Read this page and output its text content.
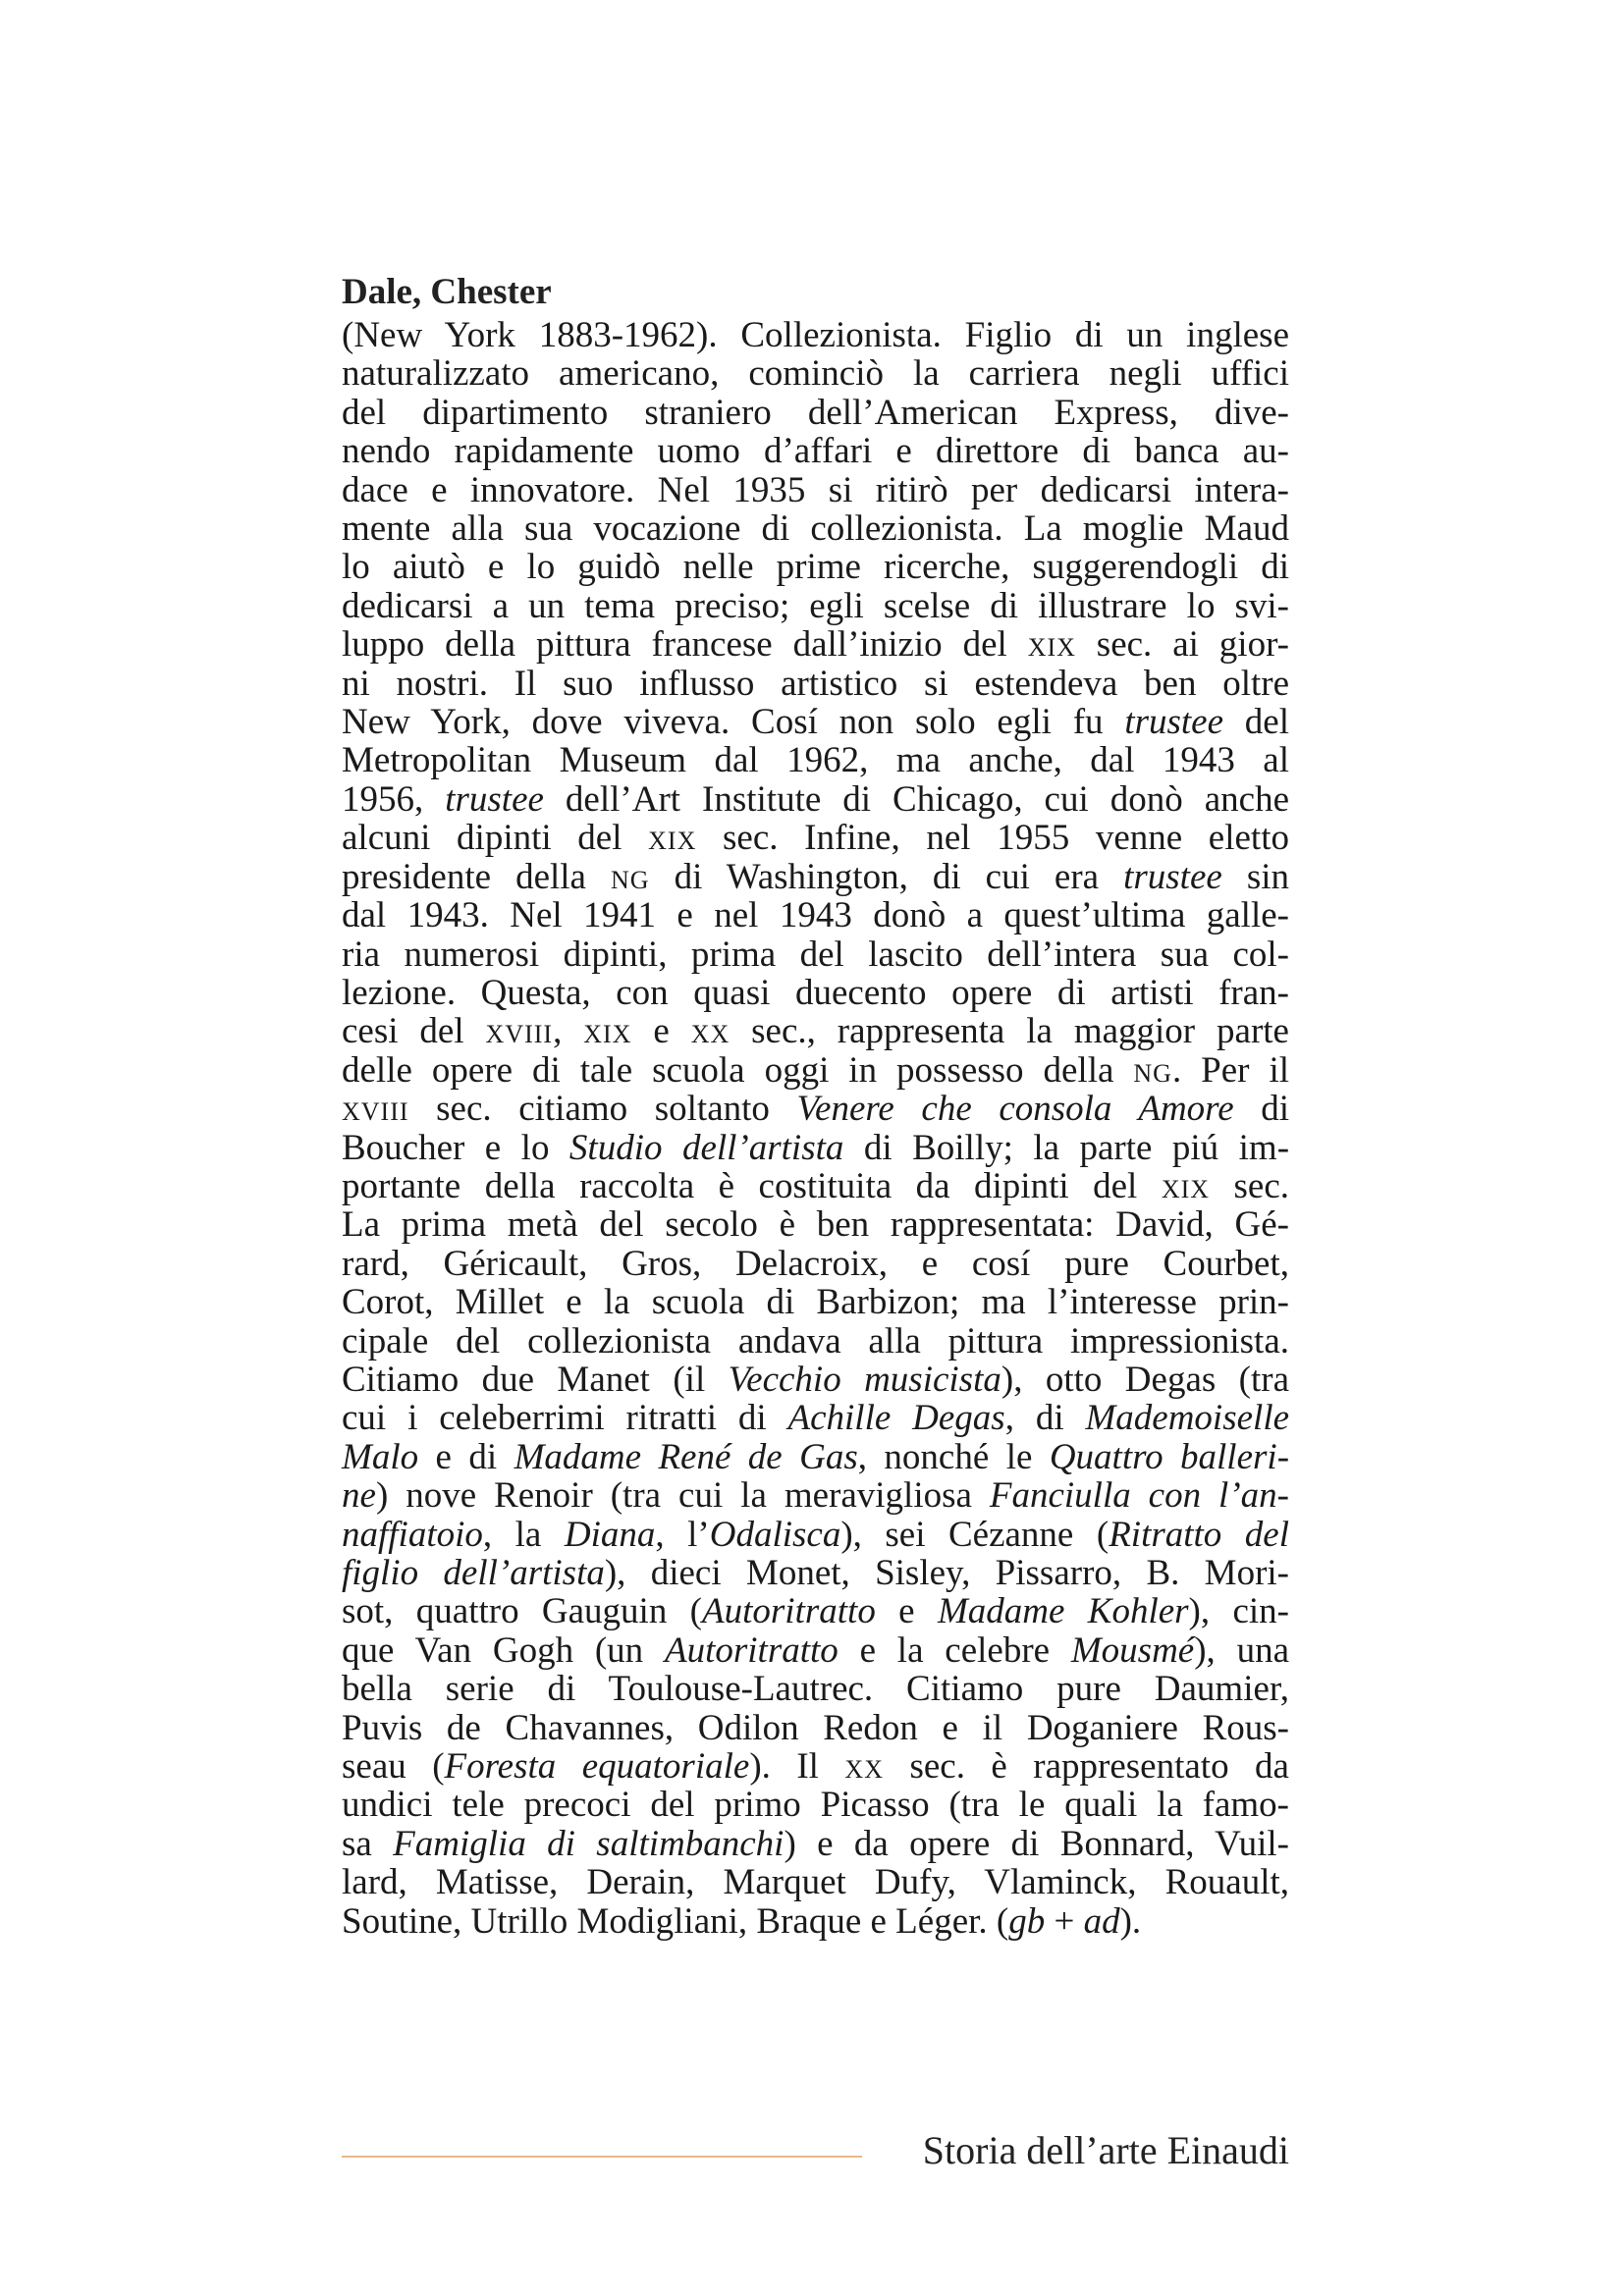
Dale, Chester
(New York 1883-1962). Collezionista. Figlio di un inglese
naturalizzato americano, cominciò la carriera negli uffici
del dipartimento straniero dell’American Express, dive-
nendo rapidamente uomo d’affari e direttore di banca au-
dace e innovatore. Nel 1935 si ritirò per dedicarsi intera-
mente alla sua vocazione di collezionista. La moglie Maud
lo aiutò e lo guidò nelle prime ricerche, suggerendogli di
dedicarsi a un tema preciso; egli scelse di illustrare lo svi-
luppo della pittura francese dall’inizio del xix sec. ai gior-
ni nostri. Il suo influsso artistico si estendeva ben oltre
New York, dove viveva. Cosí non solo egli fu trustee del
Metropolitan Museum dal 1962, ma anche, dal 1943 al
1956, trustee dell’Art Institute di Chicago, cui donò anche
alcuni dipinti del xix sec. Infine, nel 1955 venne eletto
presidente della ng di Washington, di cui era trustee sin
dal 1943. Nel 1941 e nel 1943 donò a quest’ultima galle-
ria numerosi dipinti, prima del lascito dell’intera sua col-
lezione. Questa, con quasi duecento opere di artisti fran-
cesi del xviii, xix e xx sec., rappresenta la maggior parte
delle opere di tale scuola oggi in possesso della ng. Per il
xviii sec. citiamo soltanto Venere che consola Amore di
Boucher e lo Studio dell’artista di Boilly; la parte piú im-
portante della raccolta è costituita da dipinti del xix sec.
La prima metà del secolo è ben rappresentata: David, Gé-
rard, Géricault, Gros, Delacroix, e cosí pure Courbet,
Corot, Millet e la scuola di Barbizon; ma l’interesse prin-
cipale del collezionista andava alla pittura impressionista.
Citiamo due Manet (il Vecchio musicista), otto Degas (tra
cui i celeberrimi ritratti di Achille Degas, di Mademoiselle
Malo e di Madame René de Gas, nonché le Quattro balleri-
ne) nove Renoir (tra cui la meravigliosa Fanciulla con l’an-
naffiatoio, la Diana, l’Odalisca), sei Cézanne (Ritratto del
figlio dell’artista), dieci Monet, Sisley, Pissarro, B. Mori-
sot, quattro Gauguin (Autoritratto e Madame Kohler), cin-
que Van Gogh (un Autoritratto e la celebre Mousmé), una
bella serie di Toulouse-Lautrec. Citiamo pure Daumier,
Puvis de Chavannes, Odilon Redon e il Doganiere Rous-
seau (Foresta equatoriale). Il xx sec. è rappresentato da
undici tele precoci del primo Picasso (tra le quali la famo-
sa Famiglia di saltimbanchi) e da opere di Bonnard, Vuil-
lard, Matisse, Derain, Marquet Dufy, Vlaminck, Rouault,
Soutine, Utrillo Modigliani, Braque e Léger. (gb + ad).
Storia dell’arte Einaudi
